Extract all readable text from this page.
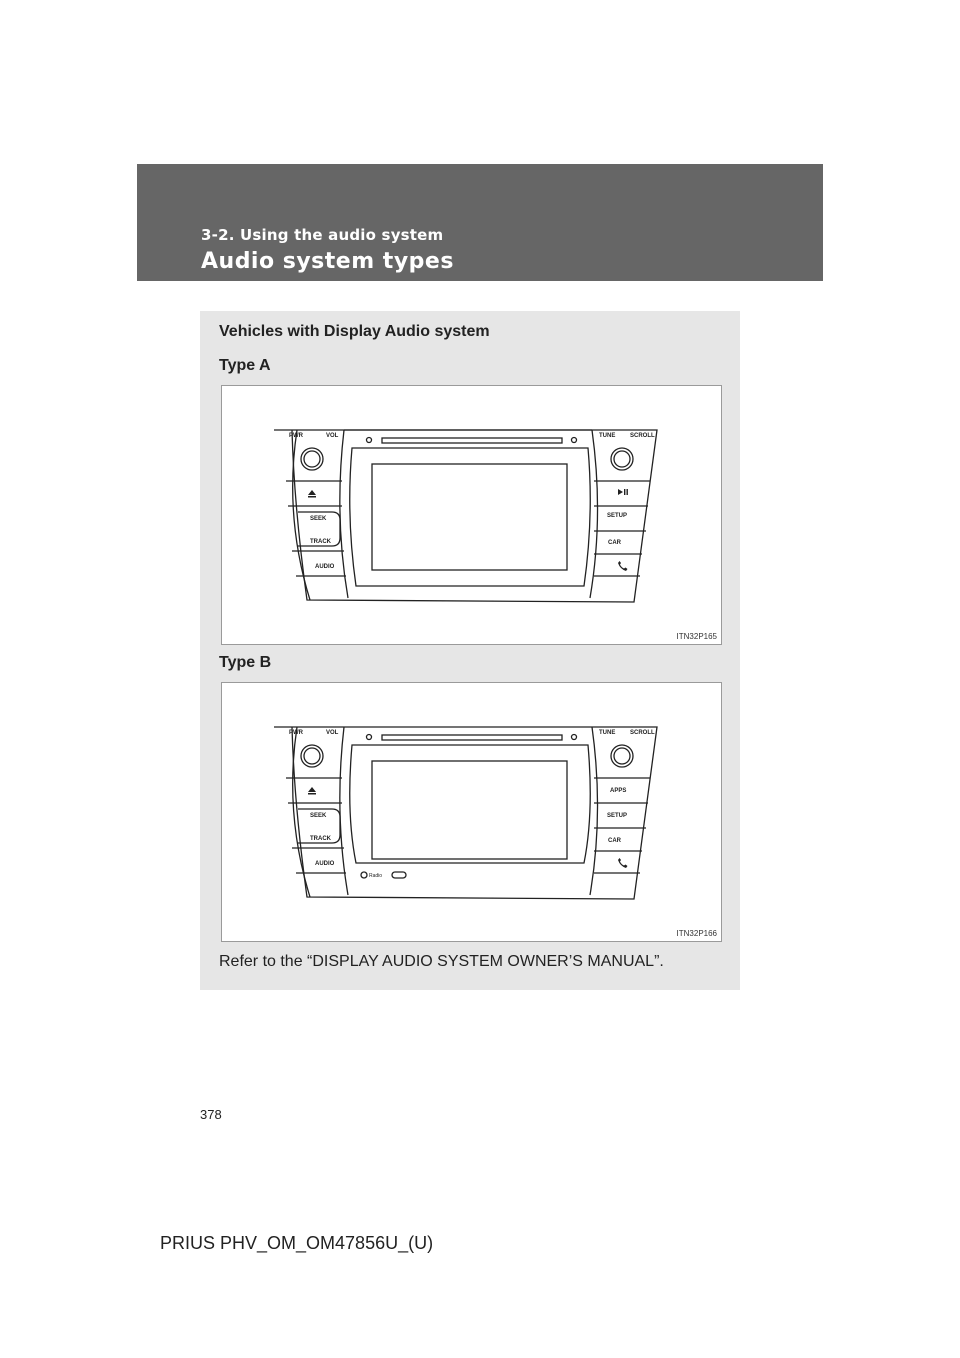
3-2. Using the audio system
Audio system types
Vehicles with Display Audio system
Type A
PWR	VOL	TUNE SCROLL
SEEK
TRACK
AUDIO
SETUP
CAR
ITN32P165
Type B
PWR	VOL	TUNE SCROLL
SEEK
TRACK
AUDIO
APPS
SETUP
CAR
Radio
ITN32P166
Refer to the “DISPLAY AUDIO SYSTEM OWNER’S MANUAL”.
378
PRIUS PHV_OM_OM47856U_(U)
